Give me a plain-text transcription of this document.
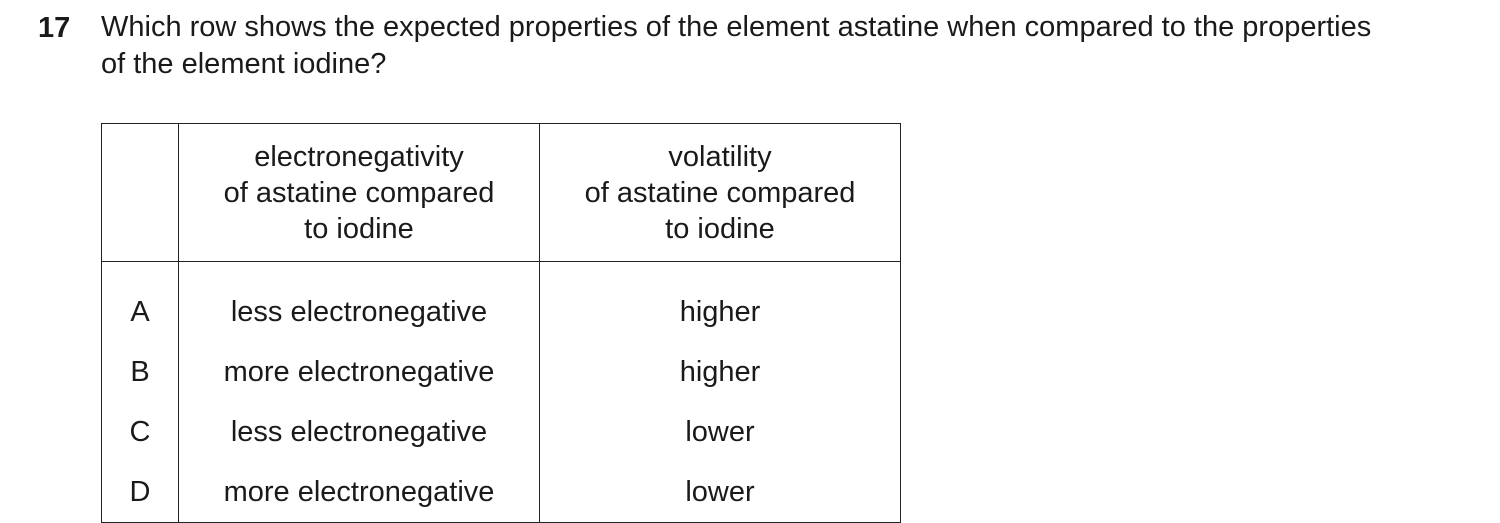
17 Which row shows the expected properties of the element astatine when compared to the properties
of the element iodine?

	electronegativity
of astatine compared
to iodine	volatility
of astatine compared
to iodine

A	less electronegative	higher
B	more electronegative	higher
C	less electronegative	lower
D	more electronegative	lower
